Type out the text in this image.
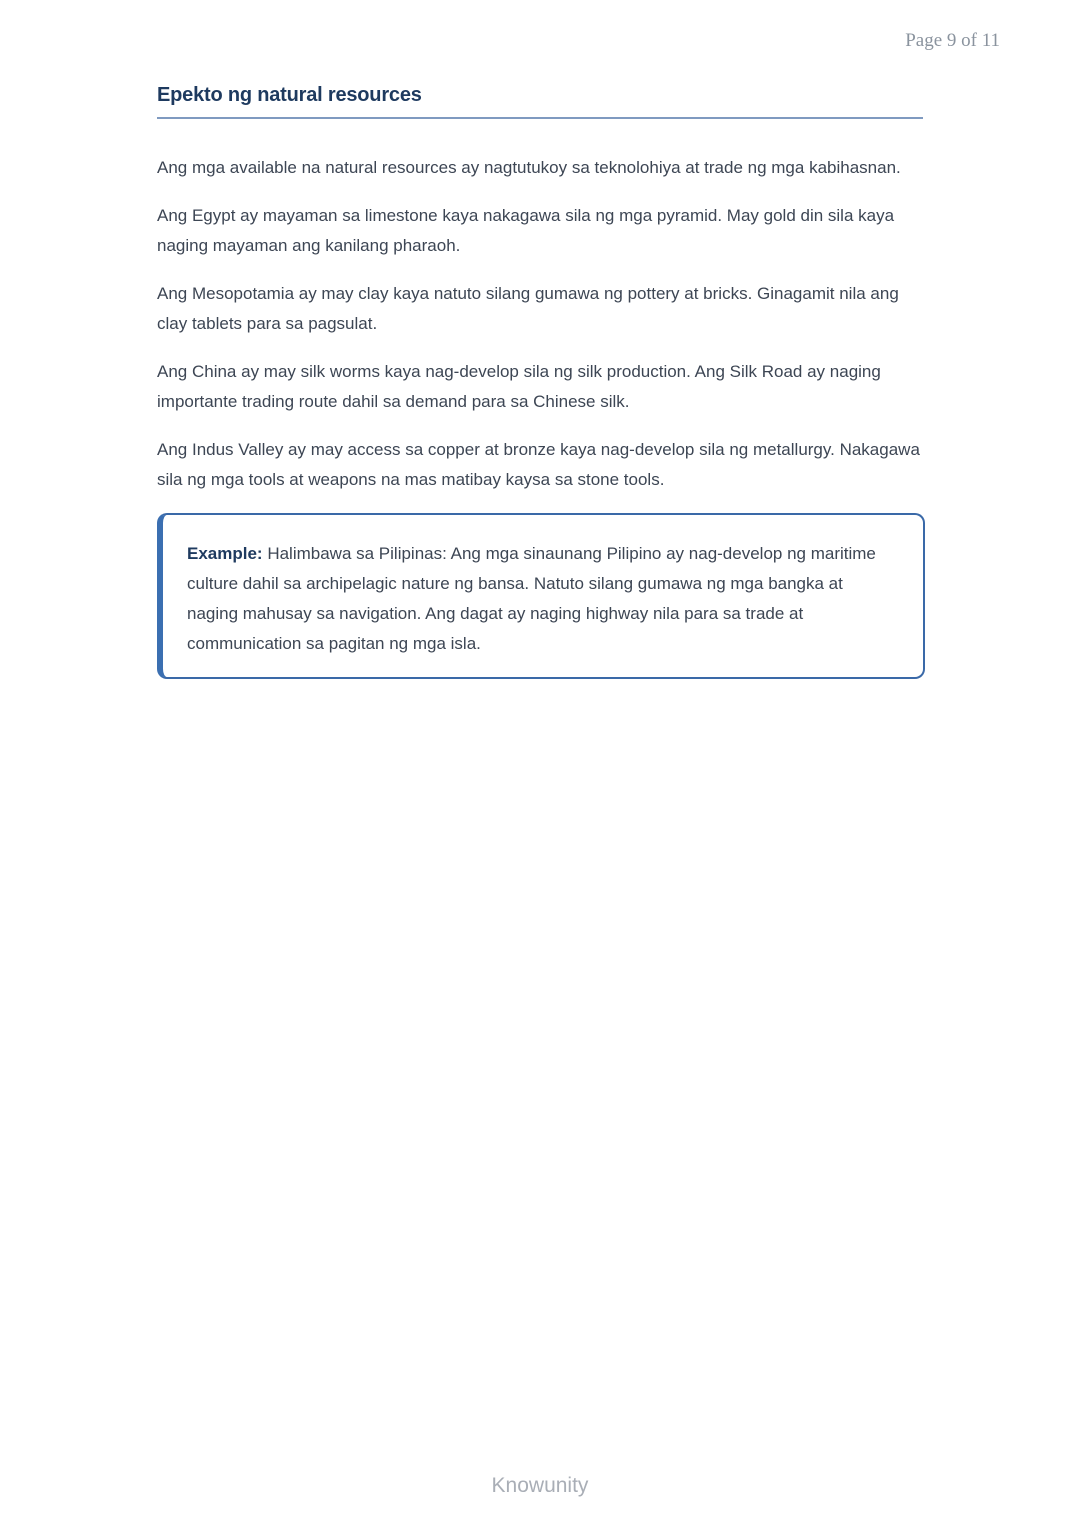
Page 9 of 11
Epekto ng natural resources

Ang mga available na natural resources ay nagtutukoy sa teknolohiya at trade ng mga kabihasnan.

Ang Egypt ay mayaman sa limestone kaya nakagawa sila ng mga pyramid. May gold din sila kaya naging mayaman ang kanilang pharaoh.

Ang Mesopotamia ay may clay kaya natuto silang gumawa ng pottery at bricks. Ginagamit nila ang clay tablets para sa pagsulat.

Ang China ay may silk worms kaya nag-develop sila ng silk production. Ang Silk Road ay naging importante trading route dahil sa demand para sa Chinese silk.

Ang Indus Valley ay may access sa copper at bronze kaya nag-develop sila ng metallurgy. Nakagawa sila ng mga tools at weapons na mas matibay kaysa sa stone tools.

Example: Halimbawa sa Pilipinas: Ang mga sinaunang Pilipino ay nag-develop ng maritime culture dahil sa archipelagic nature ng bansa. Natuto silang gumawa ng mga bangka at naging mahusay sa navigation. Ang dagat ay naging highway nila para sa trade at communication sa pagitan ng mga isla.

Knowunity
